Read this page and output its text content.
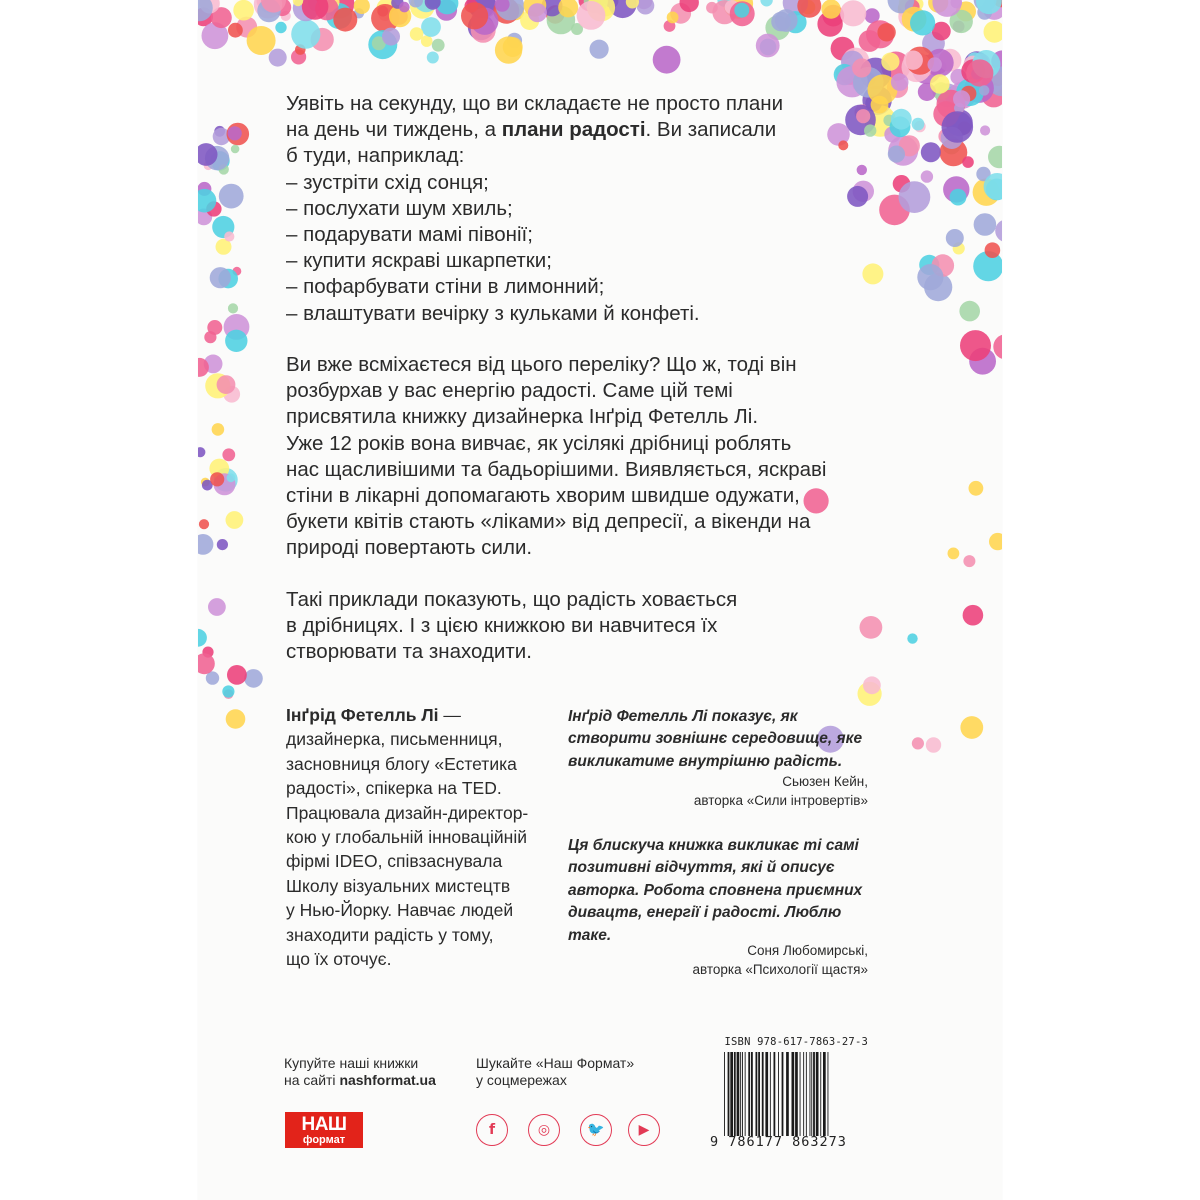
Уявіть на секунду, що ви складаєте не просто плани
на день чи тиждень, а плани радості. Ви записали
б туди, наприклад:
– зустріти схід сонця;
– послухати шум хвиль;
– подарувати мамі півонії;
– купити яскраві шкарпетки;
– пофарбувати стіни в лимонний;
– влаштувати вечірку з кульками й конфеті.

Ви вже всміхаєтеся від цього переліку? Що ж, тоді він
розбурхав у вас енергію радості. Саме цій темі
присвятила книжку дизайнерка Інґрід Фетелль Лі.
Уже 12 років вона вивчає, як усілякі дрібниці роблять
нас щасливішими та бадьорішими. Виявляється, яскраві
стіни в лікарні допомагають хворим швидше одужати,
букети квітів стають «ліками» від депресії, а вікенди на
природі повертають сили.

Такі приклади показують, що радість ховається
в дрібницях. І з цією книжкою ви навчитеся їх
створювати та знаходити.

Інґрід Фетелль Лі —
дизайнерка, письменниця,
засновниця блогу «Естетика
радості», спікерка на TED.
Працювала дизайн-директор-
кою у глобальній інноваційній
фірмі IDEO, співзаснувала
Школу візуальних мистецтв
у Нью-Йорку. Навчає людей
знаходити радість у тому,
що їх оточує.
Інґрід Фетелль Лі показує, як
створити зовнішнє середовище, яке
викликатиме внутрішню радість.
Сьюзен Кейн,
авторка «Сили інтровертів»
Ця блискуча книжка викликає ті самі
позитивні відчуття, які й описує
авторка. Робота сповнена приємних
дивацтв, енергії і радості. Люблю
таке.
Соня Любомирські,
авторка «Психології щастя»
Купуйте наші книжки
на сайті nashformat.ua
Шукайте «Наш Формат»
у соцмережах
НАШ
формат
f	◎	🐦	▶
ISBN 978-617-7863-27-3
9 786177 863273
